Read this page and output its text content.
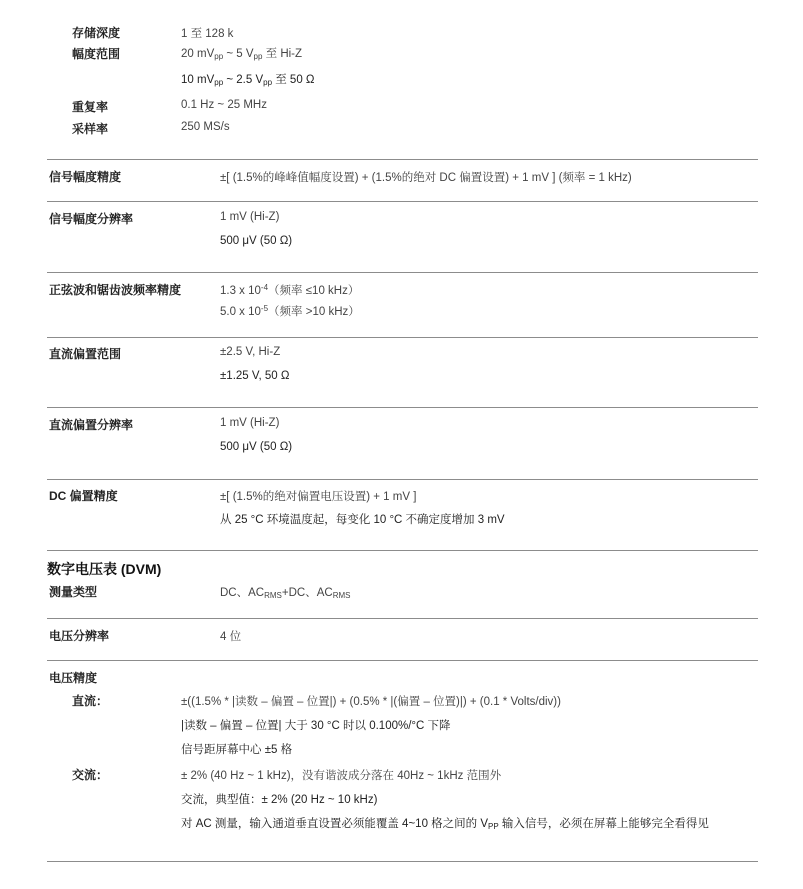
存储深度	1 至 128 k
幅度范围	20 $mV_{pp}$ ~ 5 $V_{pp}$ 至 Hi-Z
10 $mV_{pp}$ ~ 2.5 $V_{pp}$ 至 50 Ω
重复率	0.1 Hz ~ 25 MHz
采样率	250 MS/s
信号幅度精度	±[ (1.5%的峰峰值幅度设置) + (1.5%的绝对 DC 偏置设置) + 1 mV ] (频率 = 1 kHz)
信号幅度分辨率	1 mV (Hi-Z)
500 μV (50 Ω)
正弦波和锯齿波频率精度	1.3 x $10^{-4}$（频率 ≤10 kHz）
5.0 x $10^{-5}$（频率 >10 kHz）
直流偏置范围	±2.5 V, Hi-Z
±1.25 V, 50 Ω
直流偏置分辨率	1 mV (Hi-Z)
500 μV (50 Ω)
DC 偏置精度	±[ (1.5%的绝对偏置电压设置) + 1 mV ]
从 25 °C 环境温度起，每变化 10 °C 不确定度增加 3 mV
数字电压表 (DVM)
测量类型	DC、$AC_{RMS}+DC$、$AC_{RMS}$
电压分辨率	4 位
电压精度
直流：	±((1.5% * |读数 – 偏置 – 位置|) + (0.5% * |(偏置 – 位置)|) + (0.1 * Volts/div))
|读数 – 偏置 – 位置| 大于 30 °C 时以 0.100%/°C 下降
信号距屏幕中心 ±5 格
交流：	± 2% (40 Hz ~ 1 kHz)，没有谐波成分落在 40Hz ~ 1kHz 范围外
交流，典型值：± 2% (20 Hz ~ 10 kHz)
对 AC 测量，输入通道垂直设置必须能覆盖 4~10 格之间的 $V_{PP}$ 输入信号，必须在屏幕上能够完全看得见
